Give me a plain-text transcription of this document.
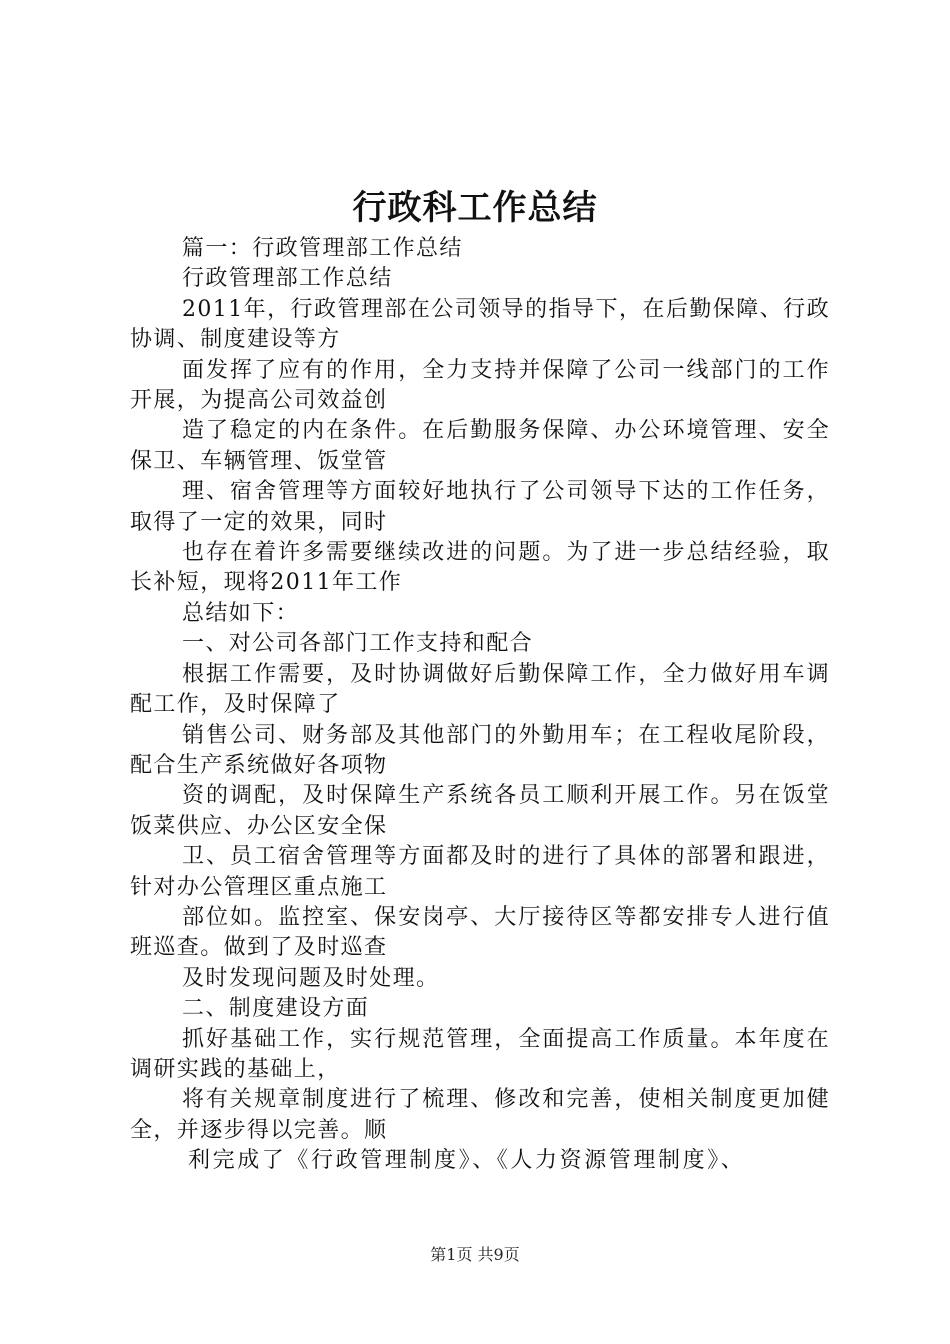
行政科工作总结

篇一：行政管理部工作总结

行政管理部工作总结

2011年，行政管理部在公司领导的指导下，在后勤保障、行政协调、制度建设等方

面发挥了应有的作用，全力支持并保障了公司一线部门的工作开展，为提高公司效益创

造了稳定的内在条件。在后勤服务保障、办公环境管理、安全保卫、车辆管理、饭堂管

理、宿舍管理等方面较好地执行了公司领导下达的工作任务，取得了一定的效果，同时

也存在着许多需要继续改进的问题。为了进一步总结经验，取长补短，现将2011年工作

总结如下：

一、对公司各部门工作支持和配合

根据工作需要，及时协调做好后勤保障工作，全力做好用车调配工作，及时保障了

销售公司、财务部及其他部门的外勤用车；在工程收尾阶段，配合生产系统做好各项物

资的调配，及时保障生产系统各员工顺利开展工作。另在饭堂饭菜供应、办公区安全保

卫、员工宿舍管理等方面都及时的进行了具体的部署和跟进，针对办公管理区重点施工

部位如。监控室、保安岗亭、大厅接待区等都安排专人进行值班巡查。做到了及时巡查

及时发现问题及时处理。

二、制度建设方面

抓好基础工作，实行规范管理，全面提高工作质量。本年度在调研实践的基础上，

将有关规章制度进行了梳理、修改和完善，使相关制度更加健全，并逐步得以完善。顺

利完成了《行政管理制度》、《人力资源管理制度》、

第1页 共9页
